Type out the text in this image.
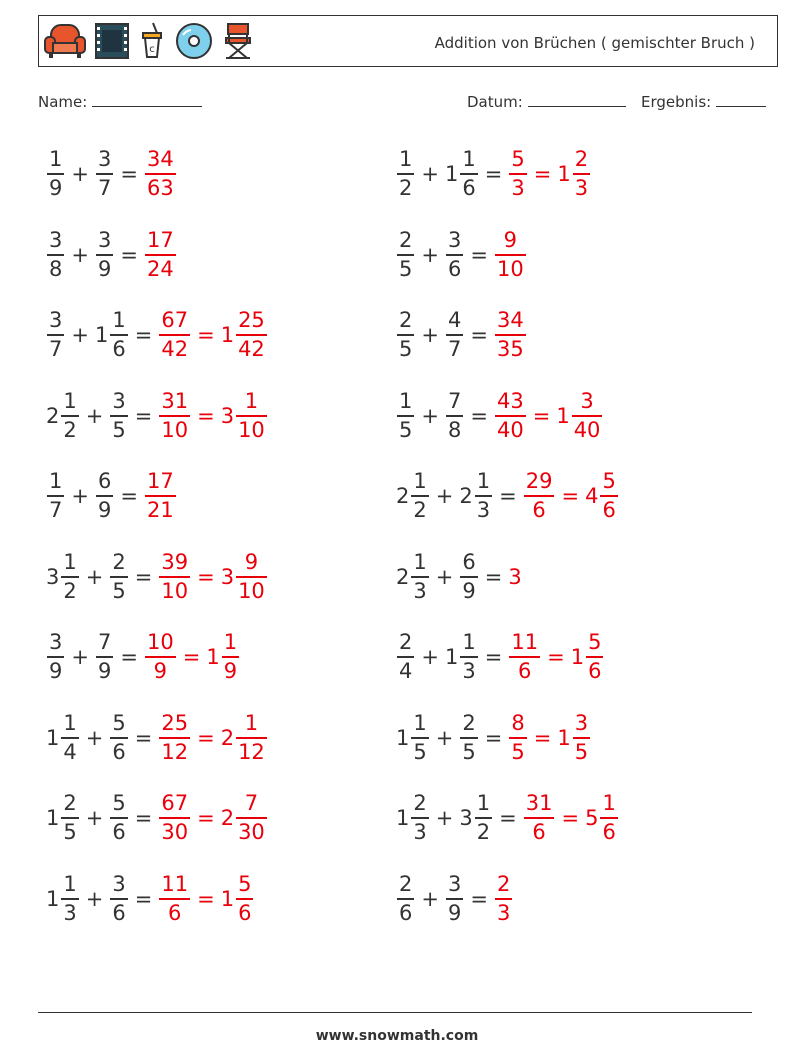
c	Addition von Brüchen ( gemischter Bruch )
Name:	Datum:	Ergebnis:
$\frac{1}{9} + \frac{3}{7} = \frac{34}{63}$	$\frac{1}{2} + 1 \frac{1}{6} = \frac{5}{3} = 1 \frac{2}{3}$
$\frac{3}{8} + \frac{3}{9} = \frac{17}{24}$	$\frac{2}{5} + \frac{3}{6} = \frac{9}{10}$
$\frac{3}{7} + 1 \frac{1}{6} = \frac{67}{42} = 1 \frac{25}{42}$	$\frac{2}{5} + \frac{4}{7} = \frac{34}{35}$
$2 \frac{1}{2} + \frac{3}{5} = \frac{31}{10} = 3 \frac{1}{10}$	$\frac{1}{5} + \frac{7}{8} = \frac{43}{40} = 1 \frac{3}{40}$
$\frac{1}{7} + \frac{6}{9} = \frac{17}{21}$	$2 \frac{1}{2} + 2 \frac{1}{3} = \frac{29}{6} = 4 \frac{5}{6}$
$3 \frac{1}{2} + \frac{2}{5} = \frac{39}{10} = 3 \frac{9}{10}$	$2 \frac{1}{3} + \frac{6}{9} = 3$
$\frac{3}{9} + \frac{7}{9} = \frac{10}{9} = 1 \frac{1}{9}$	$\frac{2}{4} + 1 \frac{1}{3} = \frac{11}{6} = 1 \frac{5}{6}$
$1 \frac{1}{4} + \frac{5}{6} = \frac{25}{12} = 2 \frac{1}{12}$	$1 \frac{1}{5} + \frac{2}{5} = \frac{8}{5} = 1 \frac{3}{5}$
$1 \frac{2}{5} + \frac{5}{6} = \frac{67}{30} = 2 \frac{7}{30}$	$1 \frac{2}{3} + 3 \frac{1}{2} = \frac{31}{6} = 5 \frac{1}{6}$
$1 \frac{1}{3} + \frac{3}{6} = \frac{11}{6} = 1 \frac{5}{6}$	$\frac{2}{6} + \frac{3}{9} = \frac{2}{3}$
www.snowmath.com
